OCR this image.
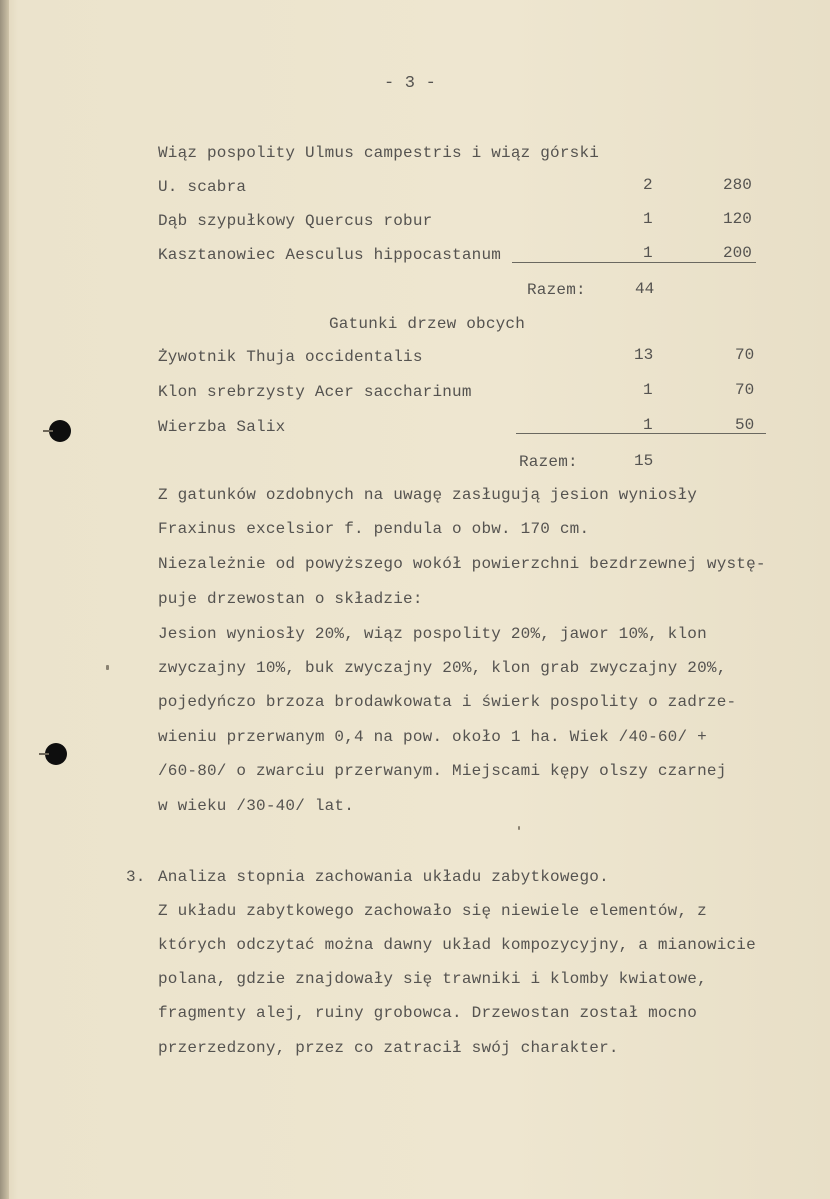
- 3 -
Wiąz pospolity Ulmus campestris i wiąz górski
U. scabra	2	280
Dąb szypułkowy Quercus robur	1	120
Kasztanowiec Aesculus hippocastanum	1	200
Razem:	44
Gatunki drzew obcych
Żywotnik Thuja occidentalis	13	70
Klon srebrzysty Acer saccharinum	1	70
Wierzba Salix	1	50
Razem:	15
Z gatunków ozdobnych na uwagę zasługują jesion wyniosły
Fraxinus excelsior f. pendula o obw. 170 cm.
Niezależnie od powyższego wokół powierzchni bezdrzewnej wystę-
puje drzewostan o składzie:
Jesion wyniosły 20%, wiąz pospolity 20%, jawor 10%, klon
zwyczajny 10%, buk zwyczajny 20%, klon grab zwyczajny 20%,
pojedyńczo brzoza brodawkowata i świerk pospolity o zadrze-
wieniu przerwanym 0,4 na pow. około 1 ha. Wiek /40-60/ +
/60-80/ o zwarciu przerwanym. Miejscami kępy olszy czarnej
w wieku /30-40/ lat.
3. Analiza stopnia zachowania układu zabytkowego.
Z układu zabytkowego zachowało się niewiele elementów, z
których odczytać można dawny układ kompozycyjny, a mianowicie
polana, gdzie znajdowały się trawniki i klomby kwiatowe,
fragmenty alej, ruiny grobowca. Drzewostan został mocno
przerzedzony, przez co zatracił swój charakter.
